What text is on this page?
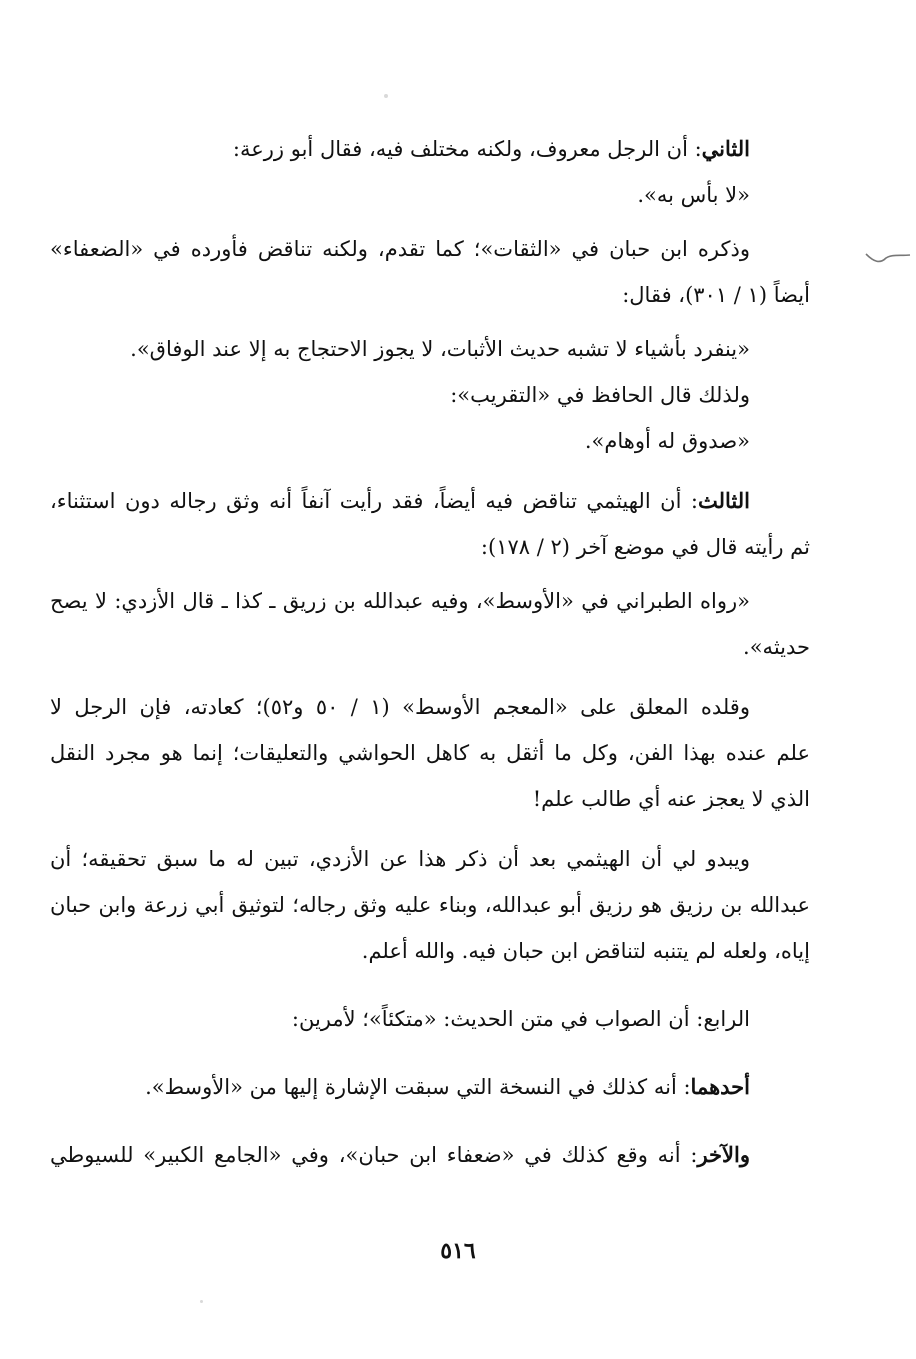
الثاني: أن الرجل معروف، ولكنه مختلف فيه، فقال أبو زرعة:
«لا بأس به».
وذكره ابن حبان في «الثقات»؛ كما تقدم، ولكنه تناقض فأورده في «الضعفاء»
أيضاً (١ / ٣٠١)، فقال:
«ينفرد بأشياء لا تشبه حديث الأثبات، لا يجوز الاحتجاج به إلا عند الوفاق».
ولذلك قال الحافظ في «التقريب»:
«صدوق له أوهام».
الثالث: أن الهيثمي تناقض فيه أيضاً، فقد رأيت آنفاً أنه وثق رجاله دون استثناء،
ثم رأيته قال في موضع آخر (٢ / ١٧٨):
«رواه الطبراني في «الأوسط»، وفيه عبدالله بن زريق ـ كذا ـ قال الأزدي: لا يصح
حديثه».
وقلده المعلق على «المعجم الأوسط» (١ / ٥٠ و٥٢)؛ كعادته، فإن الرجل لا
علم عنده بهذا الفن، وكل ما أثقل به كاهل الحواشي والتعليقات؛ إنما هو مجرد النقل
الذي لا يعجز عنه أي طالب علم!
ويبدو لي أن الهيثمي بعد أن ذكر هذا عن الأزدي، تبين له ما سبق تحقيقه؛ أن
عبدالله بن رزيق هو رزيق أبو عبدالله، وبناء عليه وثق رجاله؛ لتوثيق أبي زرعة وابن حبان
إياه، ولعله لم يتنبه لتناقض ابن حبان فيه. والله أعلم.
الرابع: أن الصواب في متن الحديث: «متكئاً»؛ لأمرين:
أحدهما: أنه كذلك في النسخة التي سبقت الإشارة إليها من «الأوسط».
والآخر: أنه وقع كذلك في «ضعفاء ابن حبان»، وفي «الجامع الكبير» للسيوطي
٥١٦
